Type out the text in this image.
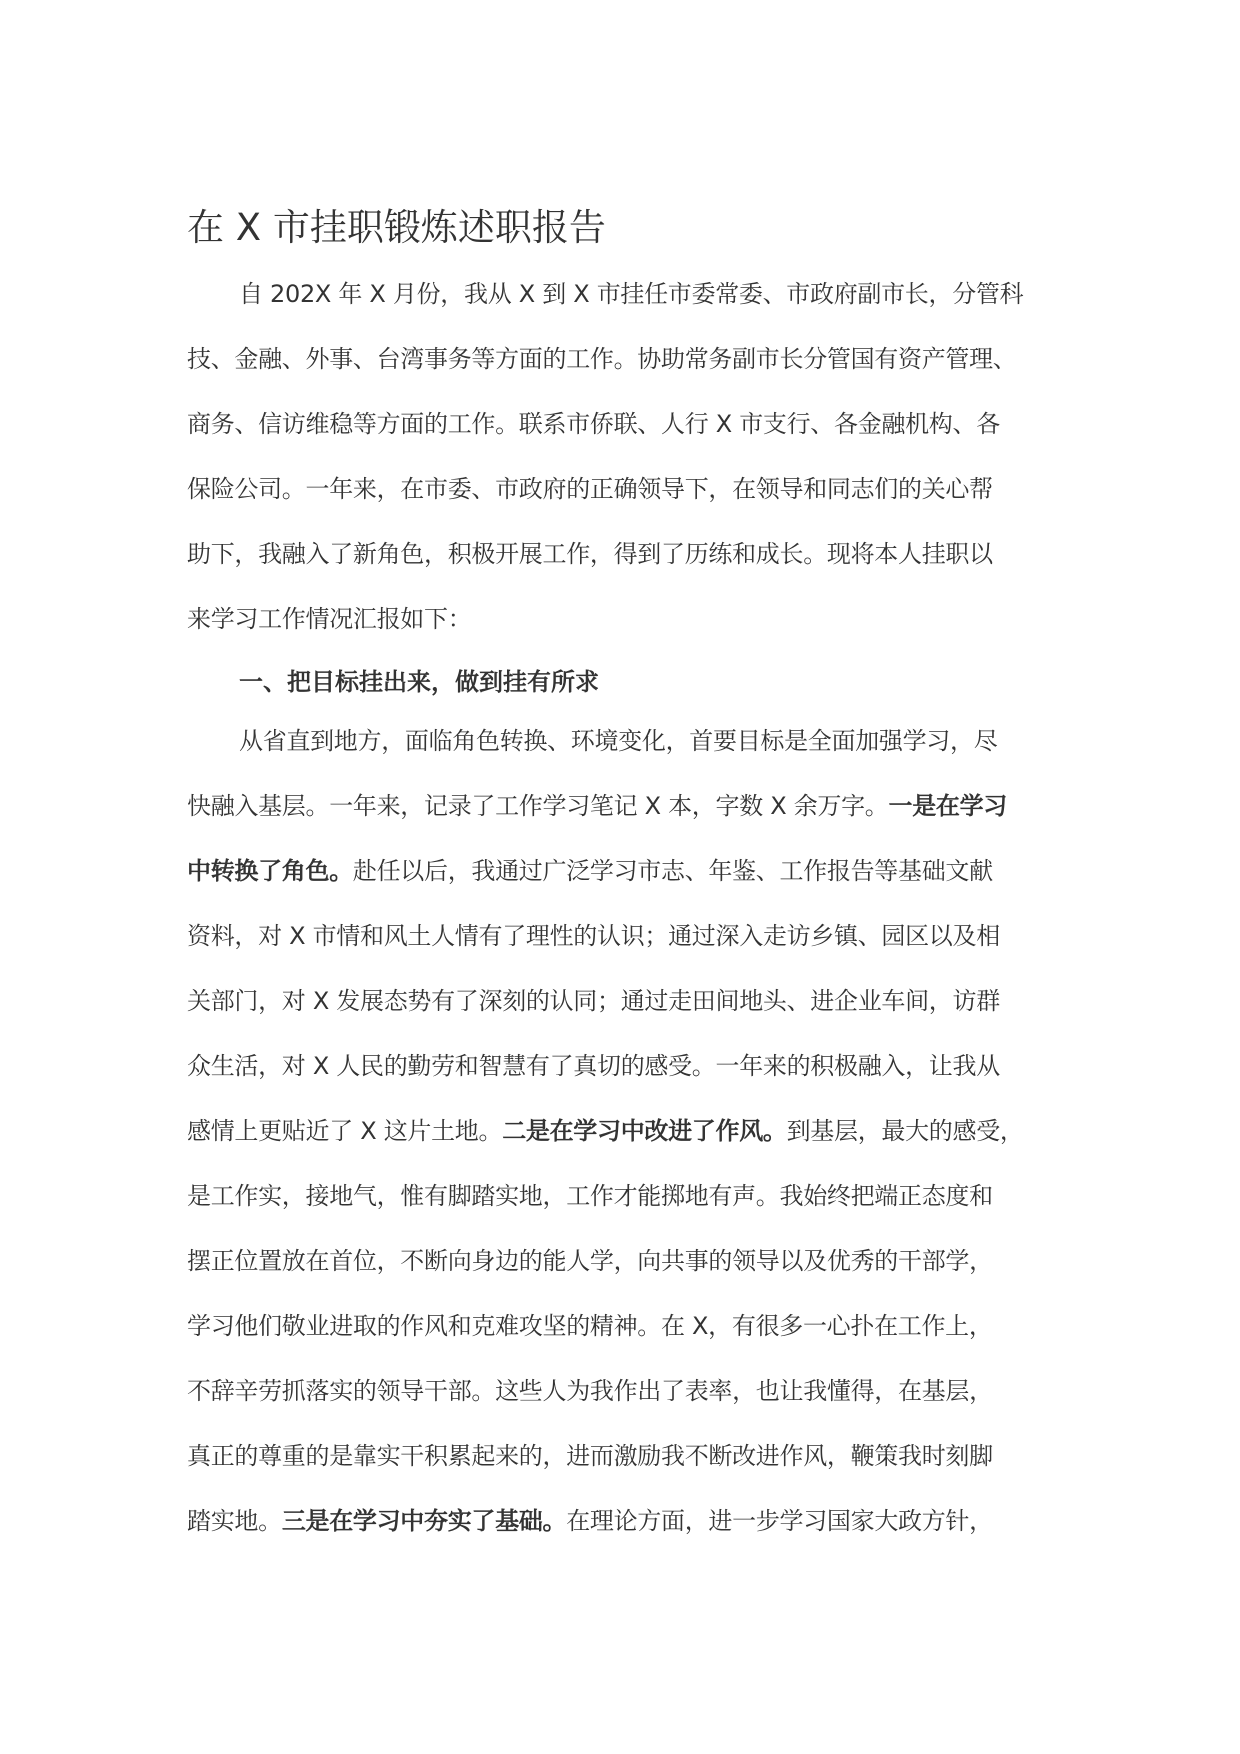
在 X 市挂职锻炼述职报告
自 202X 年 X 月份，我从 X 到 X 市挂任市委常委、市政府副市长，分管科
技、金融、外事、台湾事务等方面的工作。协助常务副市长分管国有资产管理、
商务、信访维稳等方面的工作。联系市侨联、人行 X 市支行、各金融机构、各
保险公司。一年来，在市委、市政府的正确领导下，在领导和同志们的关心帮
助下，我融入了新角色，积极开展工作，得到了历练和成长。现将本人挂职以
来学习工作情况汇报如下：
一、把目标挂出来，做到挂有所求
从省直到地方，面临角色转换、环境变化，首要目标是全面加强学习，尽
快融入基层。一年来，记录了工作学习笔记 X 本，字数 X 余万字。一是在学习
中转换了角色。赴任以后，我通过广泛学习市志、年鉴、工作报告等基础文献
资料，对 X 市情和风土人情有了理性的认识；通过深入走访乡镇、园区以及相
关部门，对 X 发展态势有了深刻的认同；通过走田间地头、进企业车间，访群
众生活，对 X 人民的勤劳和智慧有了真切的感受。一年来的积极融入，让我从
感情上更贴近了 X 这片土地。二是在学习中改进了作风。到基层，最大的感受，
是工作实，接地气，惟有脚踏实地，工作才能掷地有声。我始终把端正态度和
摆正位置放在首位，不断向身边的能人学，向共事的领导以及优秀的干部学，
学习他们敬业进取的作风和克难攻坚的精神。在 X，有很多一心扑在工作上，
不辞辛劳抓落实的领导干部。这些人为我作出了表率，也让我懂得，在基层，
真正的尊重的是靠实干积累起来的，进而激励我不断改进作风，鞭策我时刻脚
踏实地。三是在学习中夯实了基础。在理论方面，进一步学习国家大政方针，
